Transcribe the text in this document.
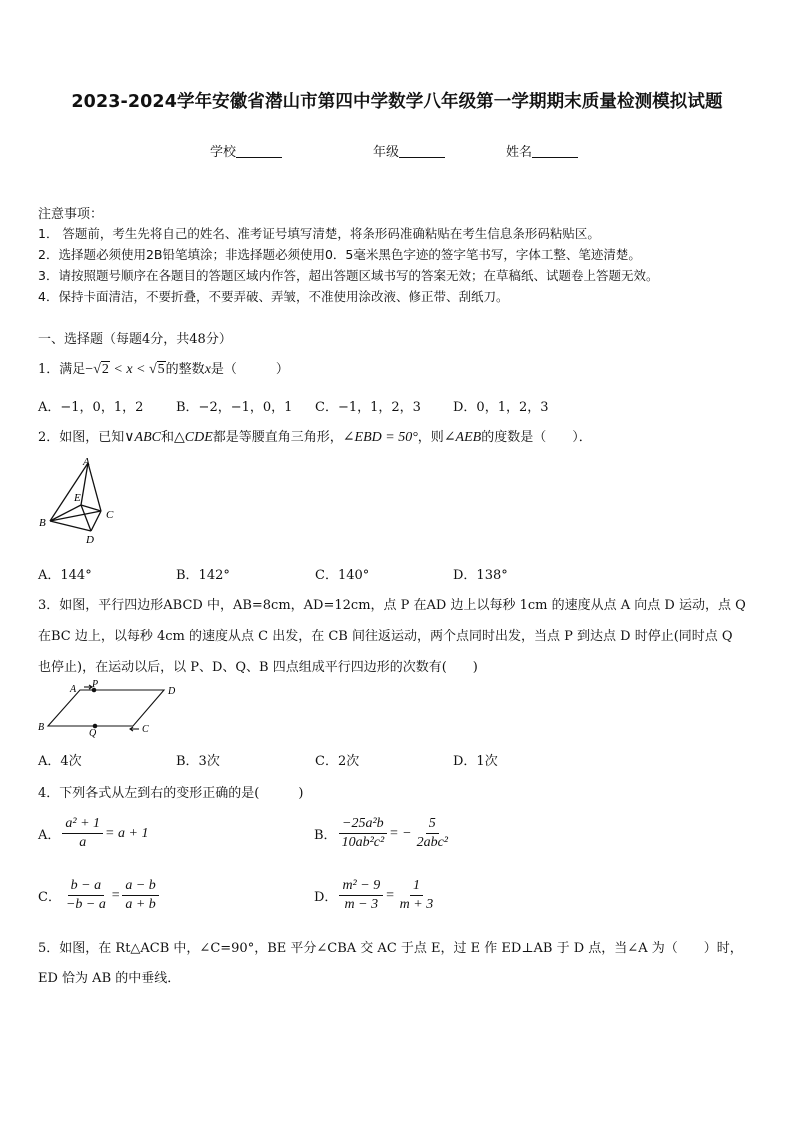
2023-2024学年安徽省潜山市第四中学数学八年级第一学期期末质量检测模拟试题
学校	年级	姓名
注意事项：
1． 答题前，考生先将自己的姓名、准考证号填写清楚，将条形码准确粘贴在考生信息条形码粘贴区。
2．选择题必须使用2B铅笔填涂；非选择题必须使用0．5毫米黑色字迹的签字笔书写，字体工整、笔迹清楚。
3．请按照题号顺序在各题目的答题区域内作答，超出答题区域书写的答案无效；在草稿纸、试题卷上答题无效。
4．保持卡面清洁，不要折叠，不要弄破、弄皱，不准使用涂改液、修正带、刮纸刀。
一、选择题（每题4分，共48分）
1．满足−√2 < x < √5的整数x是（　　　）
A．−1，0，1，2	B．−2，−1，0，1 C．−1，1，2，3 D．0，1，2，3
2．如图，已知∨ABC和△CDE都是等腰直角三角形，∠EBD = 50°，则∠AEB的度数是（　　）．
A
B
C
D
E
A．144°	B．142°	C．140°	D．138°
3．如图，平行四边形ABCD 中，AB=8cm，AD=12cm，点 P 在AD 边上以每秒 1cm 的速度从点 A 向点 D 运动，点 Q
在BC 边上，以每秒 4cm 的速度从点 C 出发，在 CB 间往返运动，两个点同时出发，当点 P 到达点 D 时停止(同时点 Q
也停止)，在运动以后，以 P、D、Q、B 四点组成平行四边形的次数有(　　)
A P
D
B
Q	C
A．4次	B．3次	C．2次	D．1次
4．下列各式从左到右的变形正确的是(　　　)
A． $\frac{\text{a² + 1}}{a} = a + 1$	B． $\frac{\text{−25a²b}}{\text{10ab²c²}}$ = − $\frac{5}{\text{2abc²}}$
C． $\frac{b - a}{-b - a} = \frac{a - b}{a + b}$	D． $\frac{\text{m² − 9}}{m - 3} = \frac{1}{m + 3}$
5．如图，在 Rt△ACB 中，∠C=90°，BE 平分∠CBA 交 AC 于点 E，过 E 作 ED⊥AB 于 D 点，当∠A 为（　　）时，
ED 恰为 AB 的中垂线．
